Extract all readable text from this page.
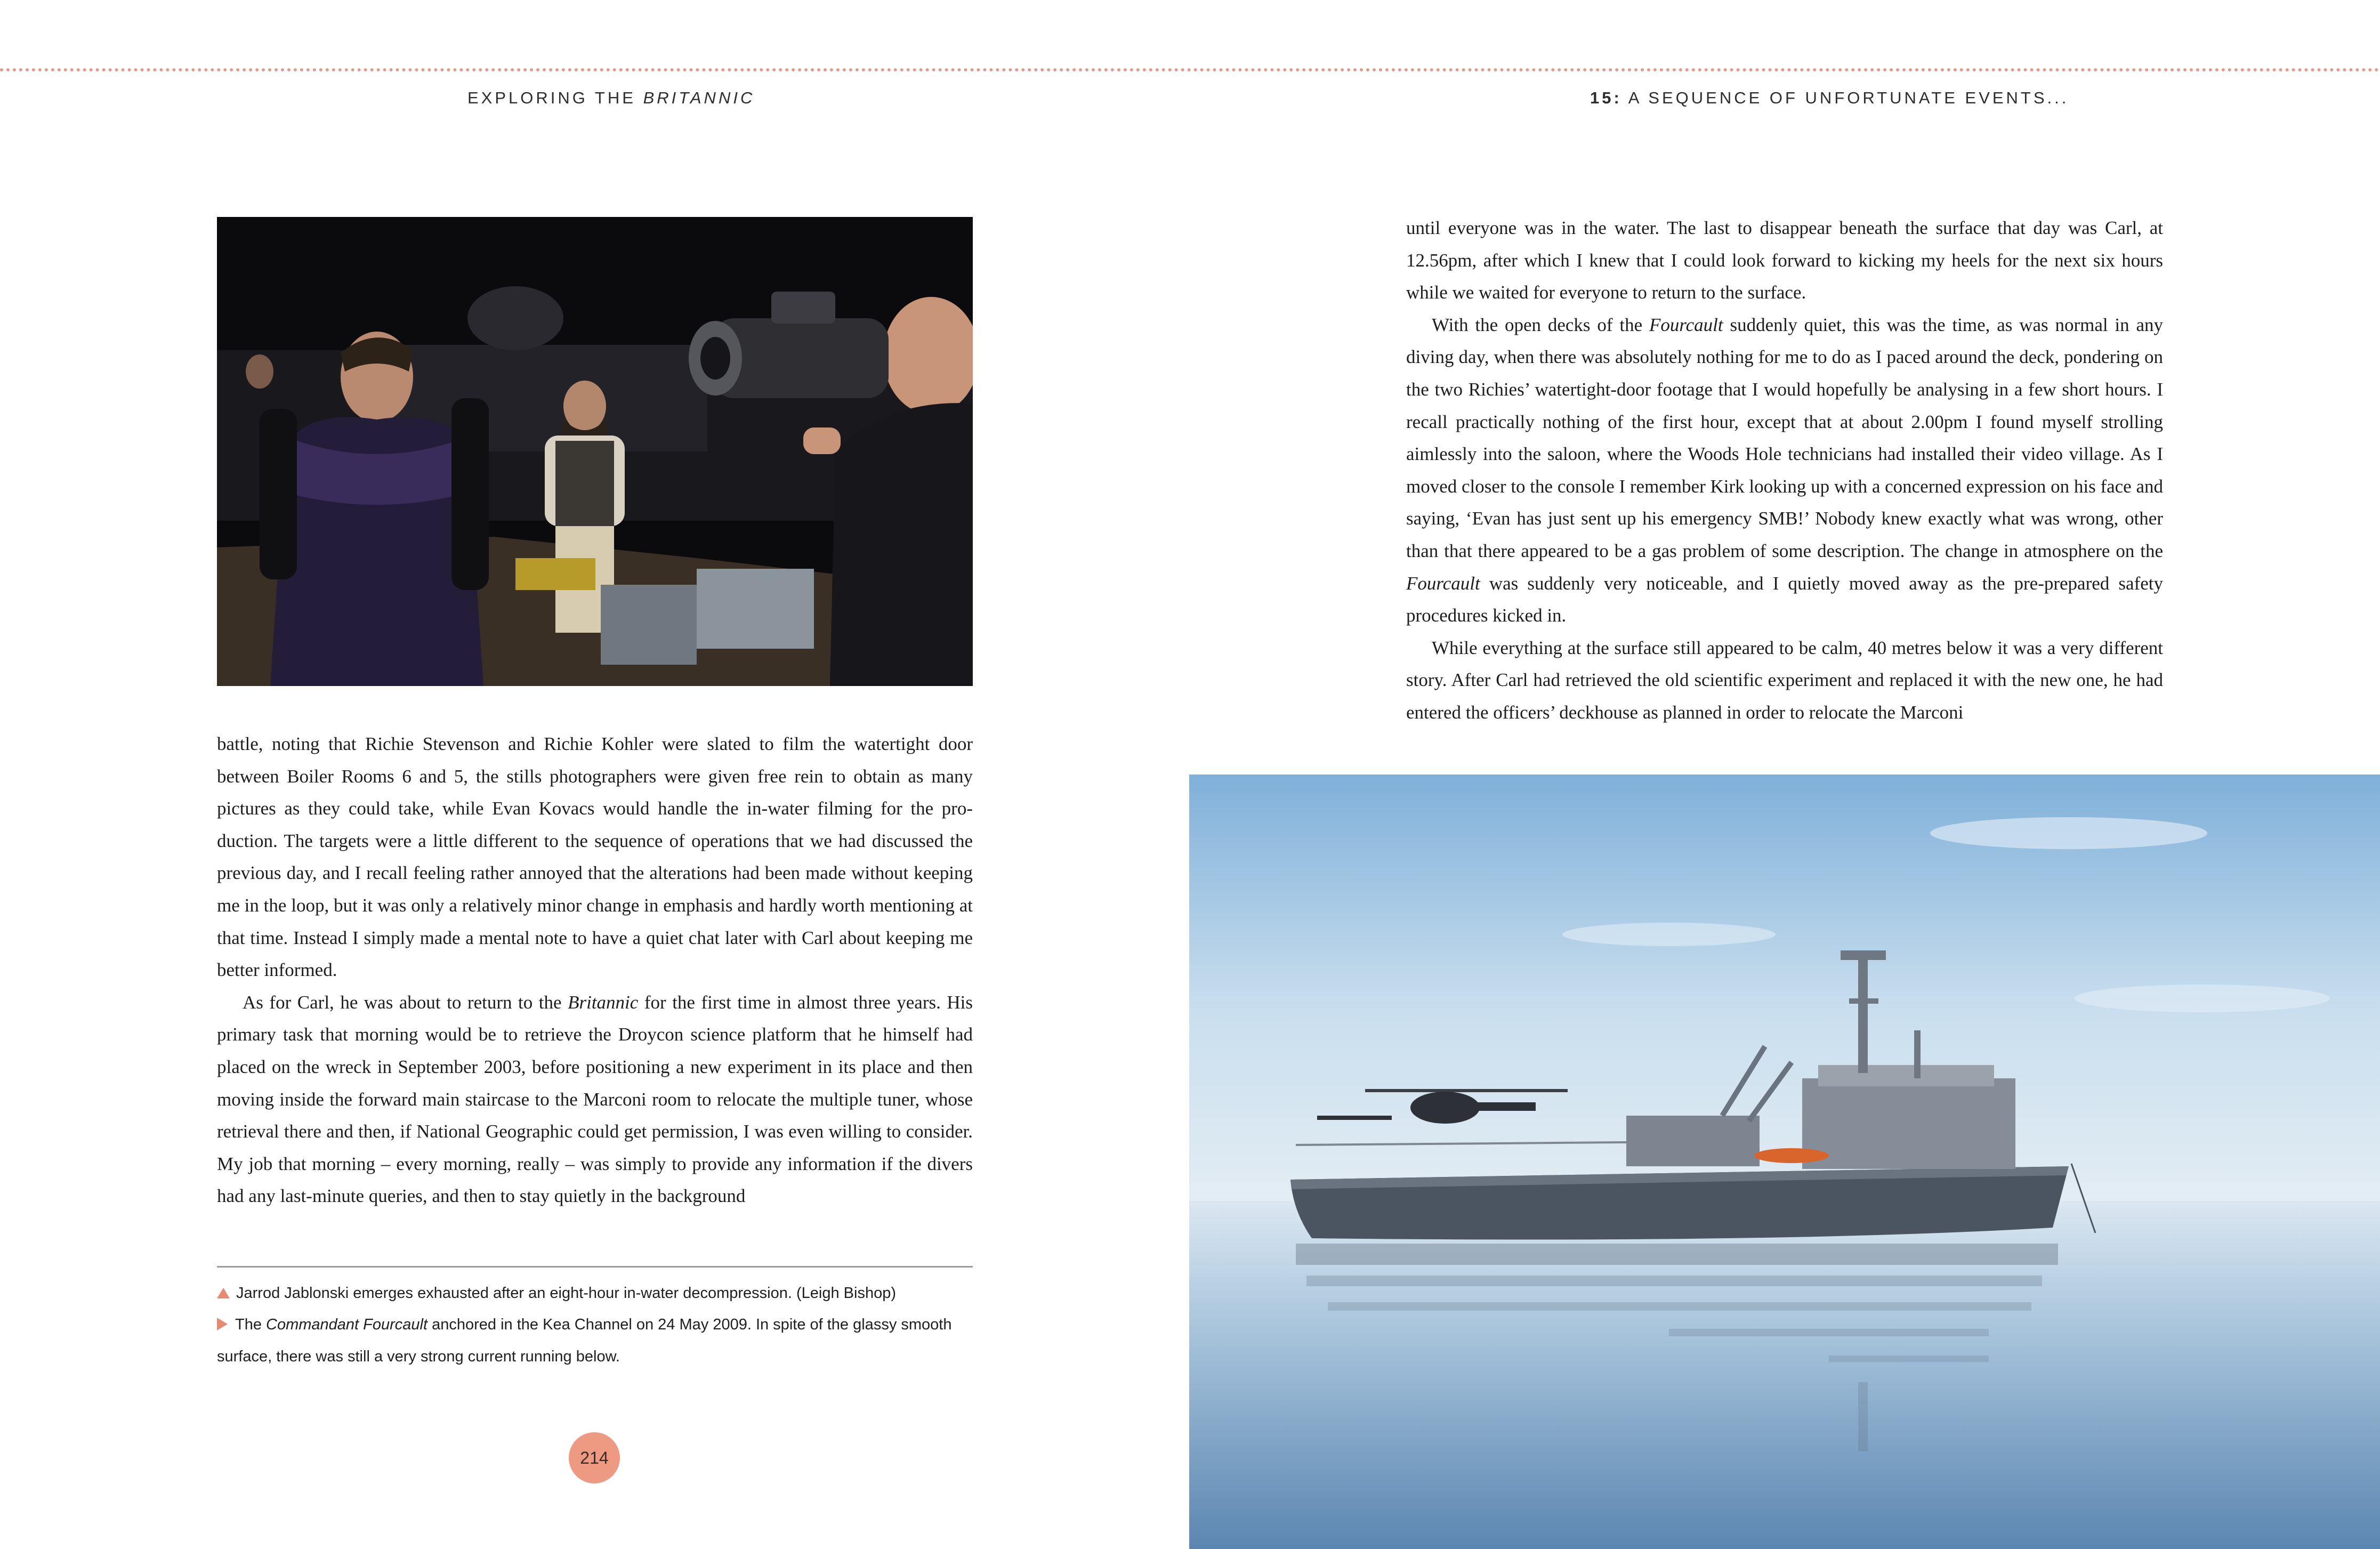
EXPLORING THE BRITANNIC	15: A SEQUENCE OF UNFORTUNATE EVENTS...

battle, noting that Richie Stevenson and Richie Kohler were slated to film the watertight door between Boiler Rooms 6 and 5, the stills photographers were given free rein to obtain as many pictures as they could take, while Evan Kovacs would handle the in-water filming for the production. The targets were a little different to the sequence of operations that we had discussed the previous day, and I recall feeling rather annoyed that the alterations had been made without keeping me in the loop, but it was only a relatively minor change in emphasis and hardly worth mentioning at that time. Instead I simply made a mental note to have a quiet chat later with Carl about keeping me better informed.

As for Carl, he was about to return to the Britannic for the first time in almost three years. His primary task that morning would be to retrieve the Droycon science platform that he himself had placed on the wreck in September 2003, before positioning a new experiment in its place and then moving inside the forward main staircase to the Marconi room to relocate the multiple tuner, whose retrieval there and then, if National Geographic could get permission, I was even willing to consider. My job that morning – every morning, really – was simply to provide any information if the divers had any last-minute queries, and then to stay quietly in the background

until everyone was in the water. The last to disappear beneath the surface that day was Carl, at 12.56pm, after which I knew that I could look forward to kicking my heels for the next six hours while we waited for everyone to return to the surface.

With the open decks of the Fourcault suddenly quiet, this was the time, as was normal in any diving day, when there was absolutely nothing for me to do as I paced around the deck, pondering on the two Richies’ watertight-door footage that I would hopefully be analysing in a few short hours. I recall practically nothing of the first hour, except that at about 2.00pm I found myself strolling aimlessly into the saloon, where the Woods Hole technicians had installed their video village. As I moved closer to the console I remember Kirk looking up with a concerned expression on his face and saying, ‘Evan has just sent up his emergency SMB!’ Nobody knew exactly what was wrong, other than that there appeared to be a gas problem of some description. The change in atmosphere on the Fourcault was suddenly very noticeable, and I quietly moved away as the pre-prepared safety procedures kicked in.

While everything at the surface still appeared to be calm, 40 metres below it was a very different story. After Carl had retrieved the old scientific experiment and replaced it with the new one, he had entered the officers’ deckhouse as planned in order to relocate the Marconi

Jarrod Jablonski emerges exhausted after an eight-hour in-water decompression. (Leigh Bishop)

The Commandant Fourcault anchored in the Kea Channel on 24 May 2009. In spite of the glassy smooth surface, there was still a very strong current running below.

214
